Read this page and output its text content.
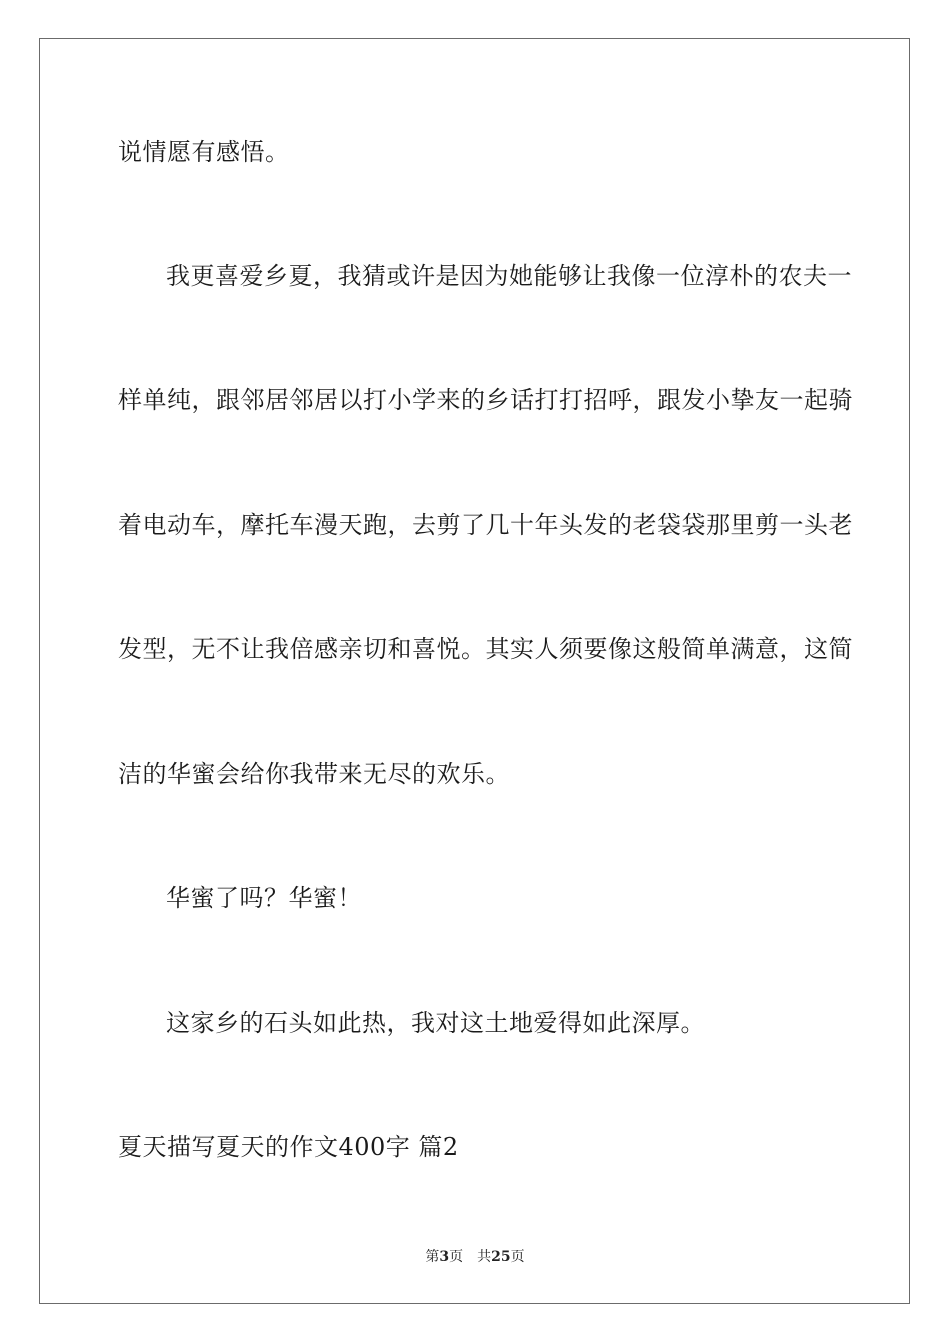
说情愿有感悟。
我更喜爱乡夏，我猜或许是因为她能够让我像一位淳朴的农夫一
样单纯，跟邻居邻居以打小学来的乡话打打招呼，跟发小挚友一起骑
着电动车，摩托车漫天跑，去剪了几十年头发的老袋袋那里剪一头老
发型，无不让我倍感亲切和喜悦。其实人须要像这般简单满意，这简
洁的华蜜会给你我带来无尽的欢乐。
华蜜了吗？华蜜！
这家乡的石头如此热，我对这土地爱得如此深厚。
夏天描写夏天的作文400字 篇2
第3页 共25页
